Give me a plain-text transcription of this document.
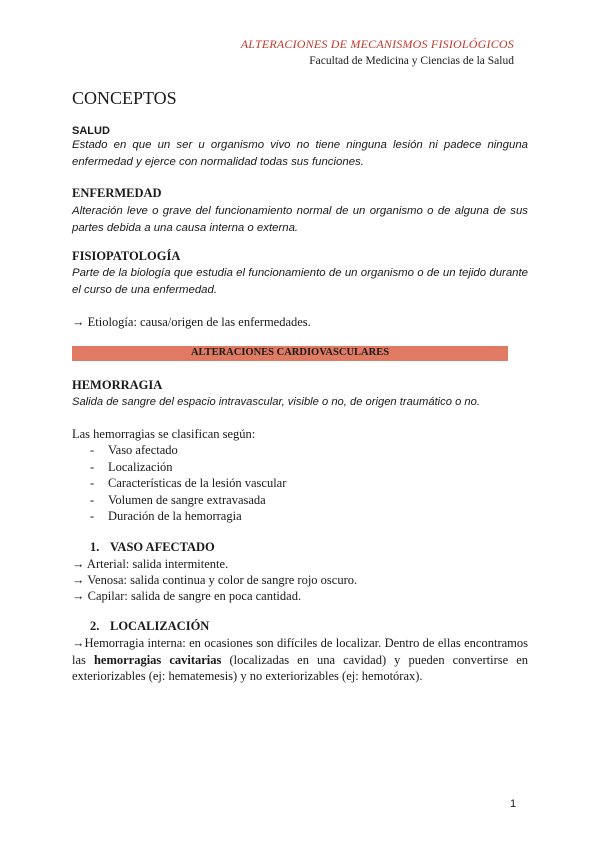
ALTERACIONES DE MECANISMOS FISIOLÓGICOS
Facultad de Medicina y Ciencias de la Salud
CONCEPTOS
SALUD
Estado en que un ser u organismo vivo no tiene ninguna lesión ni padece ninguna enfermedad y ejerce con normalidad todas sus funciones.
ENFERMEDAD
Alteración leve o grave del funcionamiento normal de un organismo o de alguna de sus partes debida a una causa interna o externa.
FISIOPATOLOGÍA
Parte de la biología que estudia el funcionamiento de un organismo o de un tejido durante el curso de una enfermedad.
→ Etiología: causa/origen de las enfermedades.
ALTERACIONES CARDIOVASCULARES
HEMORRAGIA
Salida de sangre del espacio intravascular, visible o no, de origen traumático o no.
Las hemorragias se clasifican según:
-	Vaso afectado
-	Localización
-	Características de la lesión vascular
-	Volumen de sangre extravasada
-	Duración de la hemorragia
1. VASO AFECTADO
→ Arterial: salida intermitente.
→ Venosa: salida continua y color de sangre rojo oscuro.
→ Capilar: salida de sangre en poca cantidad.
2. LOCALIZACIÓN
→Hemorragia interna: en ocasiones son difíciles de localizar. Dentro de ellas encontramos las hemorragias cavitarias (localizadas en una cavidad) y pueden convertirse en exteriorizables (ej: hematemesis) y no exteriorizables (ej: hemotórax).
1
